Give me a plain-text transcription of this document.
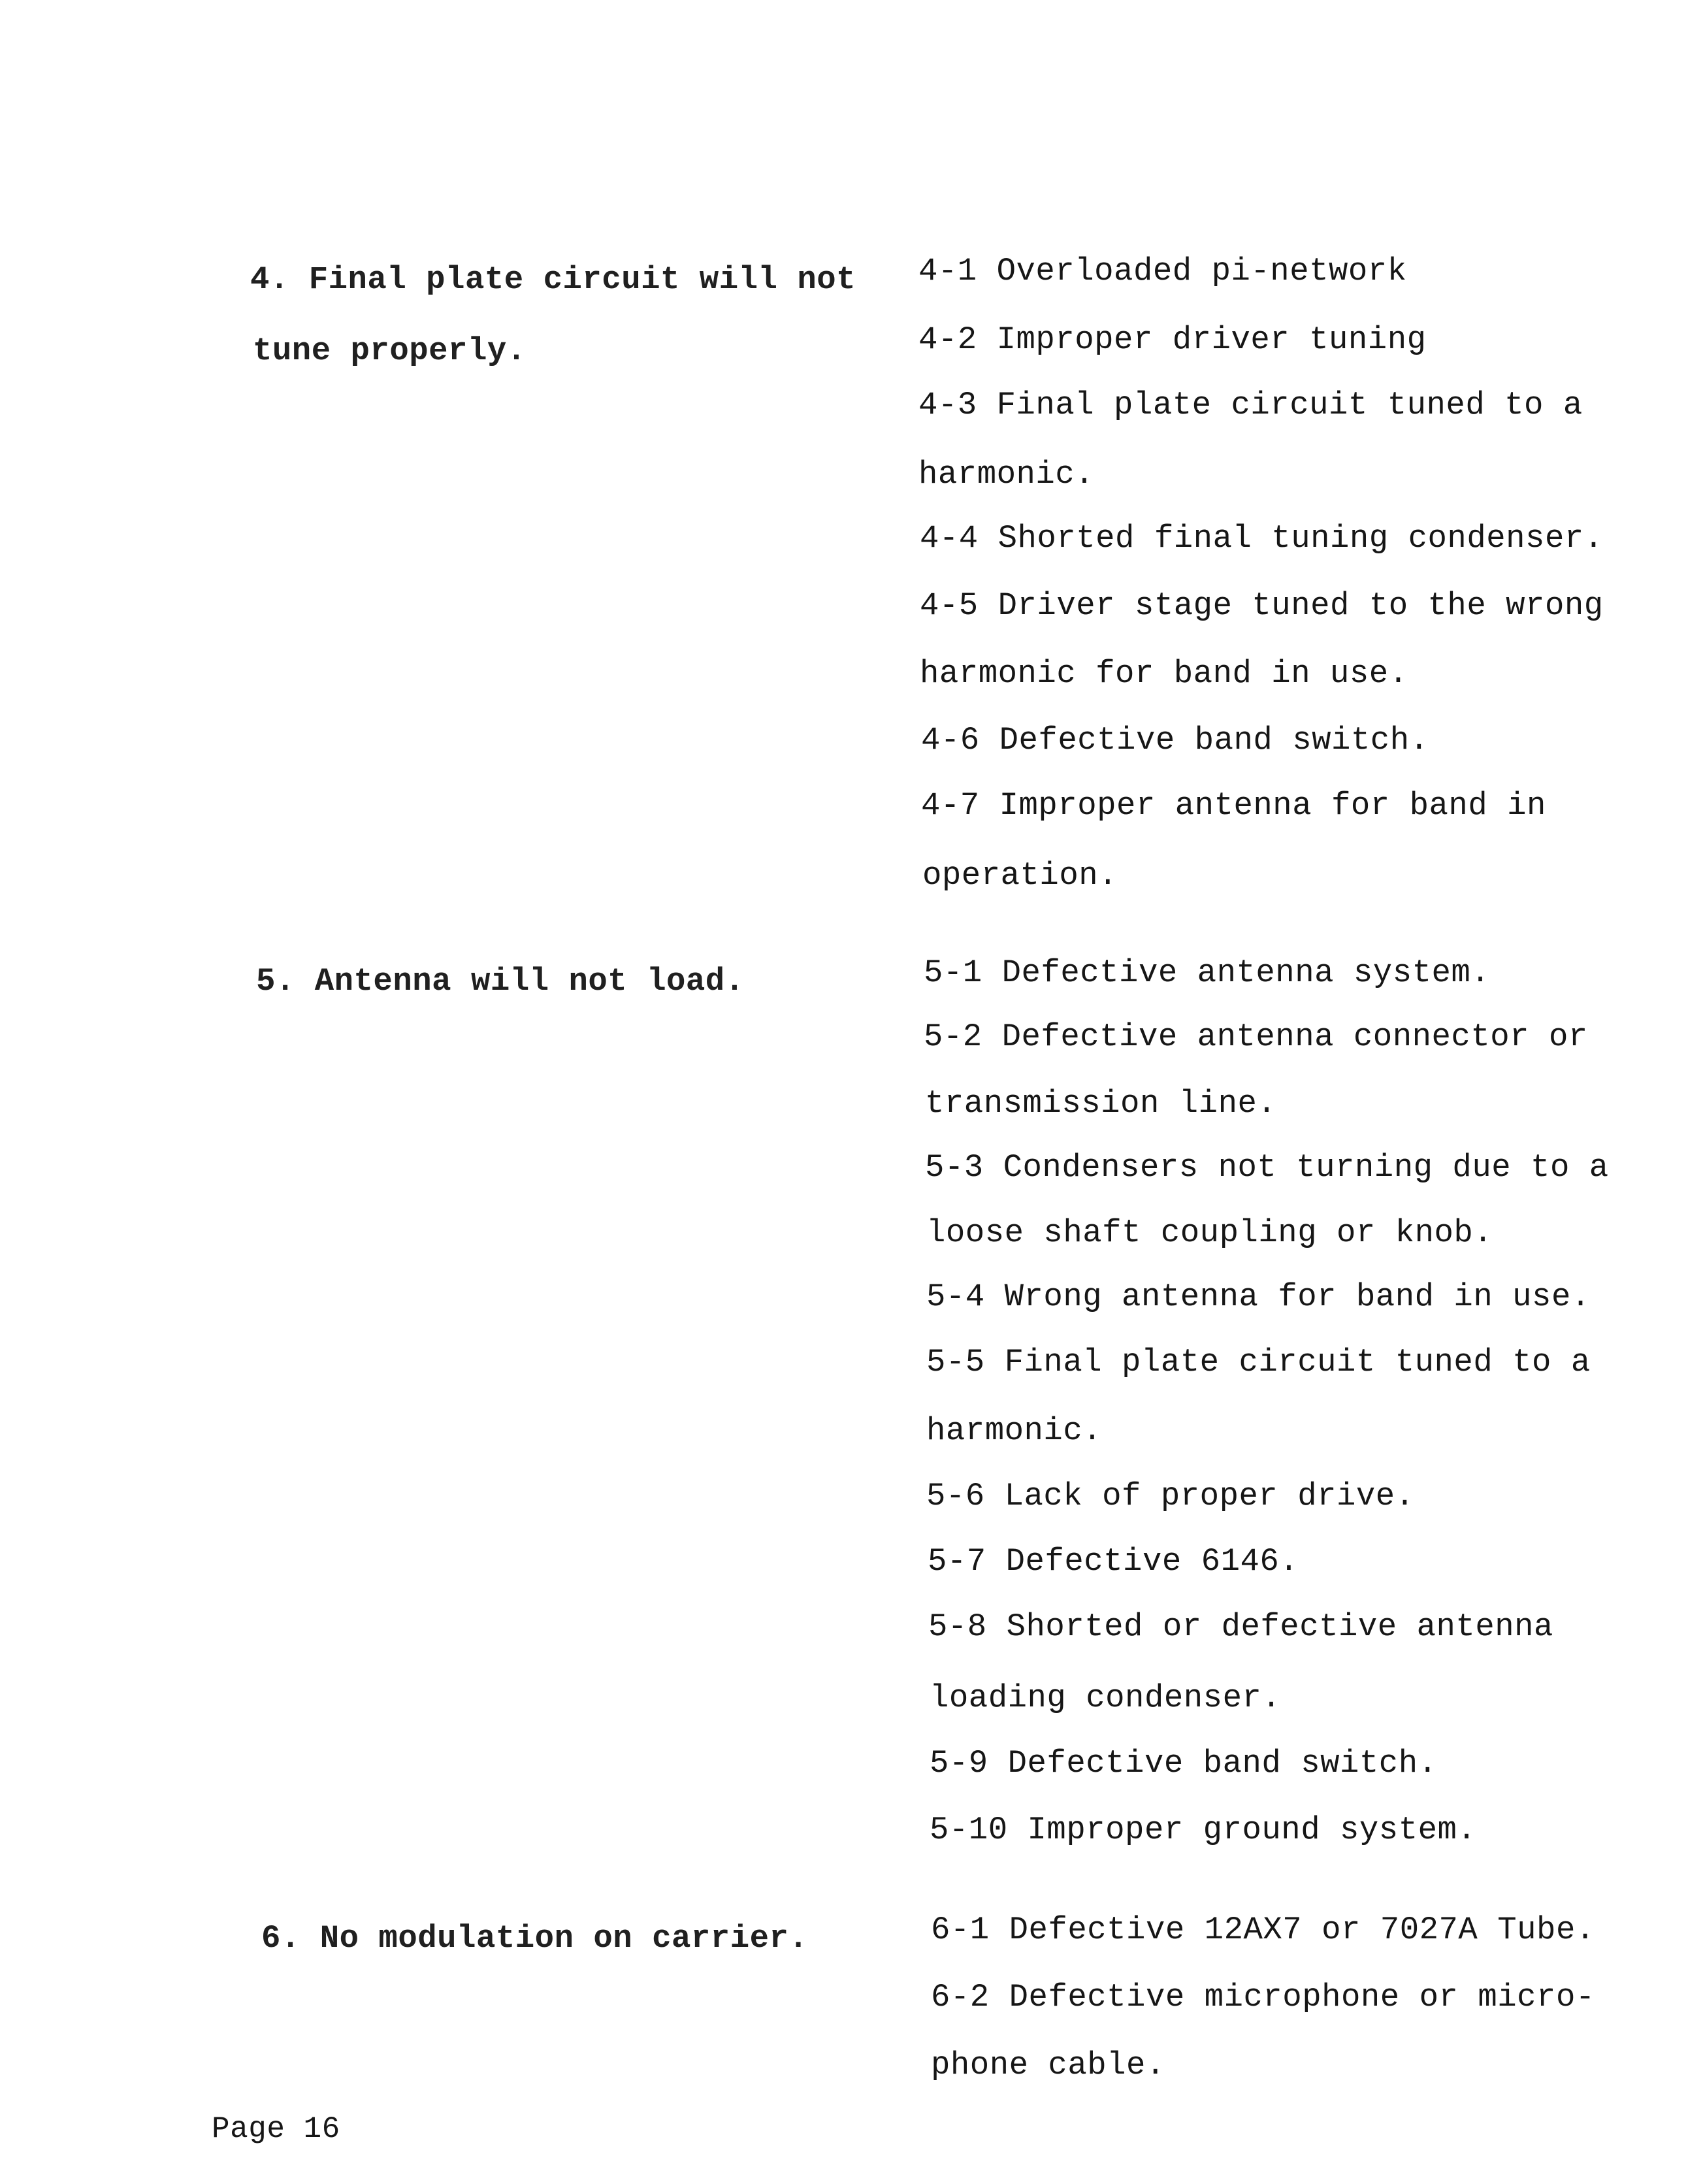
4. Final plate circuit will not
tune properly.
5. Antenna will not load.
6. No modulation on carrier.
4-1 Overloaded pi-network
4-2 Improper driver tuning
4-3 Final plate circuit tuned to a
harmonic.
4-4 Shorted final tuning condenser.
4-5 Driver stage tuned to the wrong
harmonic for band in use.
4-6 Defective band switch.
4-7 Improper antenna for band in
operation.
5-1 Defective antenna system.
5-2 Defective antenna connector or
transmission line.
5-3 Condensers not turning due to a
loose shaft coupling or knob.
5-4 Wrong antenna for band in use.
5-5 Final plate circuit tuned to a
harmonic.
5-6 Lack of proper drive.
5-7 Defective 6146.
5-8 Shorted or defective antenna
loading condenser.
5-9 Defective band switch.
5-10 Improper ground system.
6-1 Defective 12AX7 or 7027A Tube.
6-2 Defective microphone or micro-
phone cable.
Page 16
